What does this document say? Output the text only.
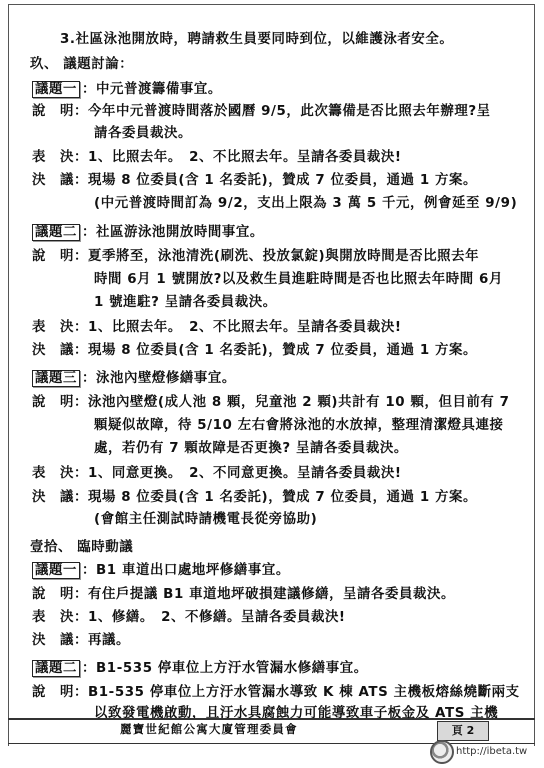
3.社區泳池開放時，聘請救生員要同時到位，以維護泳者安全。
玖、 議題討論：
議題一 ：中元普渡籌備事宜。
說　明：今年中元普渡時間落於國曆 9/5，此次籌備是否比照去年辦理?呈
請各委員裁決。
表　決：1、比照去年。　2、不比照去年。呈請各委員裁決!
決　議：現場 8 位委員(含 1 名委託)，贊成 7 位委員，通過 1 方案。
(中元普渡時間訂為 9/2，支出上限為 3 萬 5 千元，例會延至 9/9)
議題二 ：社區游泳池開放時間事宜。
說　明：夏季將至，泳池清洗(刷洗、投放氯錠)與開放時間是否比照去年
時間 6月 1 號開放?以及救生員進駐時間是否也比照去年時間 6月
1 號進駐? 呈請各委員裁決。
表　決：1、比照去年。　2、不比照去年。呈請各委員裁決!
決　議：現場 8 位委員(含 1 名委託)，贊成 7 位委員，通過 1 方案。
議題三 ：泳池內壁燈修繕事宜。
說　明：泳池內壁燈(成人池 8 顆，兒童池 2 顆)共計有 10 顆，但目前有 7
顆疑似故障，待 5/10 左右會將泳池的水放掉，整理清潔燈具連接
處，若仍有 7 顆故障是否更換? 呈請各委員裁決。
表　決：1、同意更換。　2、不同意更換。呈請各委員裁決!
決　議：現場 8 位委員(含 1 名委託)，贊成 7 位委員，通過 1 方案。
(會館主任測試時請機電長從旁協助)
壹拾、 臨時動議
議題一 ：B1 車道出口處地坪修繕事宜。
說　明：有住戶提議 B1 車道地坪破損建議修繕，呈請各委員裁決。
表　決：1、修繕。　2、不修繕。呈請各委員裁決!
決　議：再議。
議題二 ：B1-535 停車位上方汙水管漏水修繕事宜。
說　明：B1-535 停車位上方汙水管漏水導致 K 棟 ATS 主機板熔絲燒斷兩支
以致發電機啟動，且汙水具腐蝕力可能導致車子板金及 ATS 主機
麗寶世紀館公寓大廈管理委員會	頁 2
http://ibeta.tw
